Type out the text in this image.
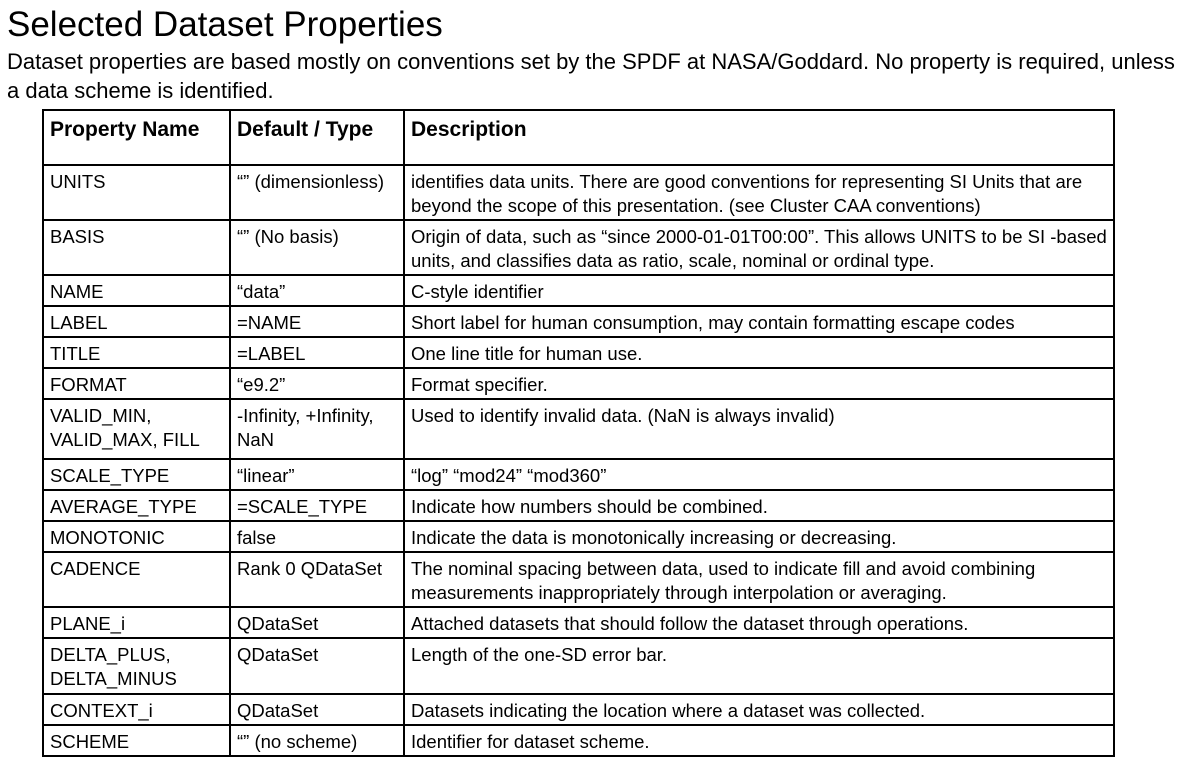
Selected Dataset Properties
Dataset properties are based mostly on conventions set by the SPDF at NASA/Goddard. No property is required, unless a data scheme is identified.
Property Name	Default / Type	Description
UNITS	“” (dimensionless)	identifies data units. There are good conventions for representing SI Units that are beyond the scope of this presentation. (see Cluster CAA conventions)
BASIS	“” (No basis)	Origin of data, such as “since 2000-01-01T00:00”. This allows UNITS to be SI -based units, and classifies data as ratio, scale, nominal or ordinal type.
NAME	“data”	C-style identifier
LABEL	=NAME	Short label for human consumption, may contain formatting escape codes
TITLE	=LABEL	One line title for human use.
FORMAT	“e9.2”	Format specifier.
VALID_MIN, VALID_MAX, FILL	-Infinity, +Infinity, NaN	Used to identify invalid data. (NaN is always invalid)
SCALE_TYPE	“linear”	“log” “mod24” “mod360”
AVERAGE_TYPE	=SCALE_TYPE	Indicate how numbers should be combined.
MONOTONIC	false	Indicate the data is monotonically increasing or decreasing.
CADENCE	Rank 0 QDataSet	The nominal spacing between data, used to indicate fill and avoid combining measurements inappropriately through interpolation or averaging.
PLANE_i	QDataSet	Attached datasets that should follow the dataset through operations.
DELTA_PLUS, DELTA_MINUS	QDataSet	Length of the one-SD error bar.
CONTEXT_i	QDataSet	Datasets indicating the location where a dataset was collected.
SCHEME	“” (no scheme)	Identifier for dataset scheme.
